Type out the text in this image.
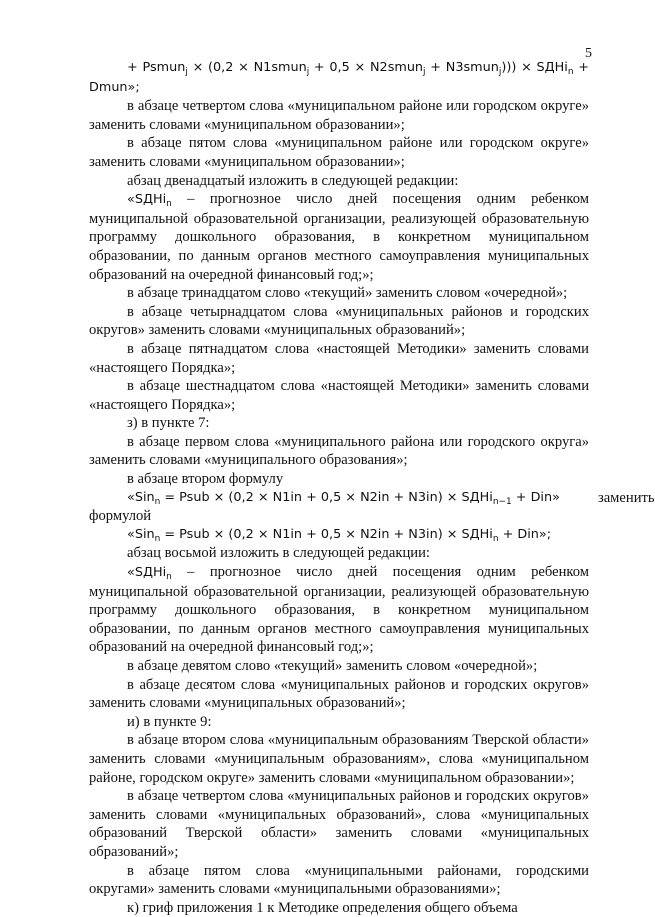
5

+ Psmun$_j$ × (0,2 × N1smun$_j$ + 0,5 × N2smun$_j$ + N3smun$_j$))) × SДHi$_n$ + Dmun»;

в абзаце четвертом слова «муниципальном районе или городском округе» заменить словами «муниципальном образовании»;

в абзаце пятом слова «муниципальном районе или городском округе» заменить словами «муниципальном образовании»;

абзац двенадцатый изложить в следующей редакции:

«SДHi$_n$ – прогнозное число дней посещения одним ребенком муниципальной образовательной организации, реализующей образовательную программу дошкольного образования, в конкретном муниципальном образовании, по данным органов местного самоуправления муниципальных образований на очередной финансовый год;»;

в абзаце тринадцатом слово «текущий» заменить словом «очередной»;

в абзаце четырнадцатом слова «муниципальных районов и городских округов» заменить словами «муниципальных образований»;

в абзаце пятнадцатом слова «настоящей Методики» заменить словами «настоящего Порядка»;

в абзаце шестнадцатом слова «настоящей Методики» заменить словами «настоящего Порядка»;

з) в пункте 7:

в абзаце первом слова «муниципального района или городского округа» заменить словами «муниципального образования»;

в абзаце втором формулу

«Sin$_n$ = Psub × (0,2 × N1in + 0,5 × N2in + N3in) × SДHi$_{n-1}$ + Din»	заменить

формулой

«Sin$_n$ = Psub × (0,2 × N1in + 0,5 × N2in + N3in) × SДHi$_n$ + Din»;

абзац восьмой изложить в следующей редакции:

«SДHi$_n$ – прогнозное число дней посещения одним ребенком муниципальной образовательной организации, реализующей образовательную программу дошкольного образования, в конкретном муниципальном образовании, по данным органов местного самоуправления муниципальных образований на очередной финансовый год;»;

в абзаце девятом слово «текущий» заменить словом «очередной»;

в абзаце десятом слова «муниципальных районов и городских округов» заменить словами «муниципальных образований»;

и) в пункте 9:

в абзаце втором слова «муниципальным образованиям Тверской области» заменить словами «муниципальным образованиям», слова «муниципальном районе, городском округе» заменить словами «муниципальном образовании»;

в абзаце четвертом слова «муниципальных районов и городских округов» заменить словами «муниципальных образований», слова «муниципальных образований Тверской области» заменить словами «муниципальных образований»;

в абзаце пятом слова «муниципальными районами, городскими округами» заменить словами «муниципальными образованиями»;

к) гриф приложения 1 к Методике определения общего объема
